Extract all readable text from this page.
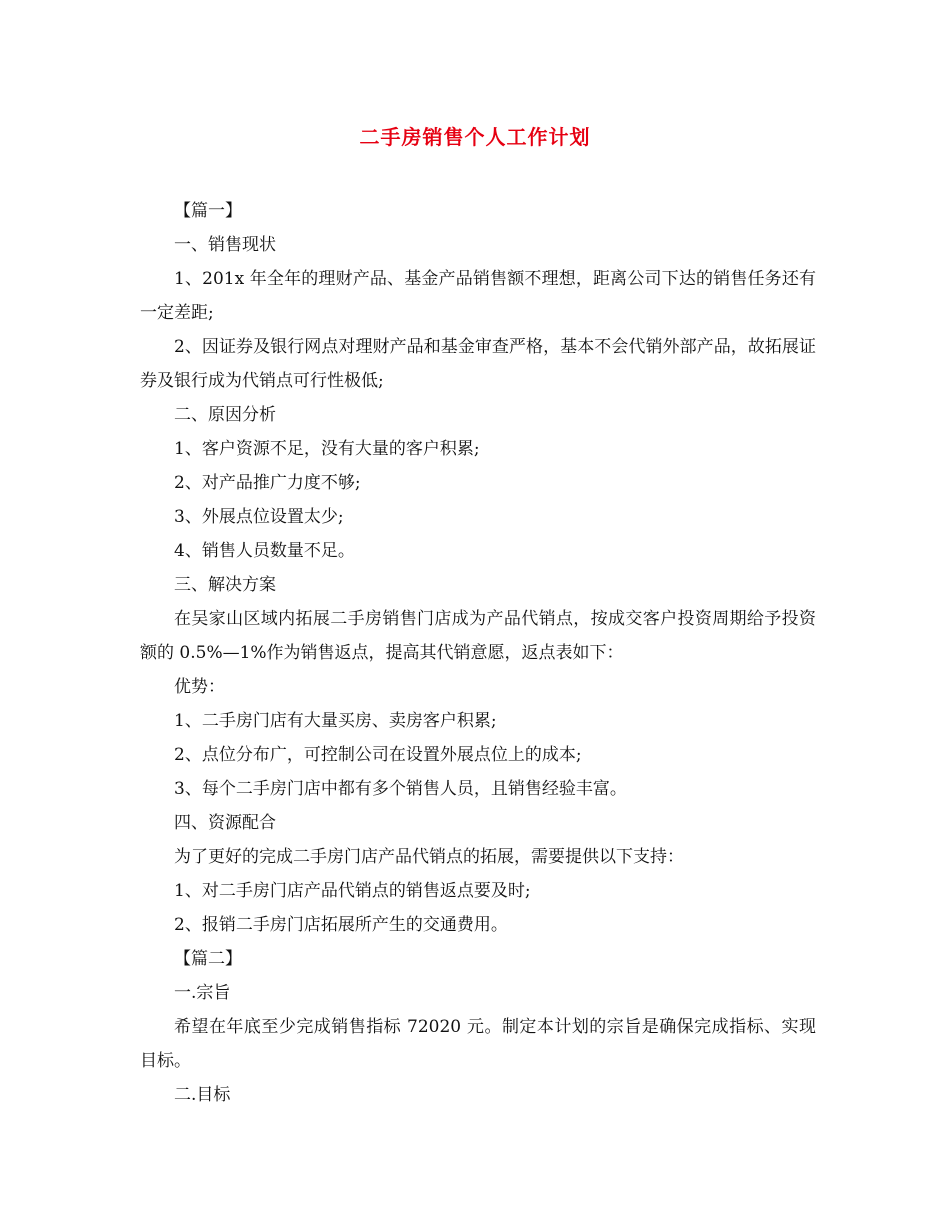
二手房销售个人工作计划
【篇一】
一、销售现状
1、201x 年全年的理财产品、基金产品销售额不理想，距离公司下达的销售任务还有一定差距;
2、因证券及银行网点对理财产品和基金审查严格，基本不会代销外部产品，故拓展证券及银行成为代销点可行性极低;
二、原因分析
1、客户资源不足，没有大量的客户积累;
2、对产品推广力度不够;
3、外展点位设置太少;
4、销售人员数量不足。
三、解决方案
在吴家山区域内拓展二手房销售门店成为产品代销点，按成交客户投资周期给予投资额的 0.5%—1%作为销售返点，提高其代销意愿，返点表如下：
优势：
1、二手房门店有大量买房、卖房客户积累;
2、点位分布广，可控制公司在设置外展点位上的成本;
3、每个二手房门店中都有多个销售人员，且销售经验丰富。
四、资源配合
为了更好的完成二手房门店产品代销点的拓展，需要提供以下支持：
1、对二手房门店产品代销点的销售返点要及时;
2、报销二手房门店拓展所产生的交通费用。
【篇二】
一.宗旨
希望在年底至少完成销售指标 72020 元。制定本计划的宗旨是确保完成指标、实现目标。
二.目标
